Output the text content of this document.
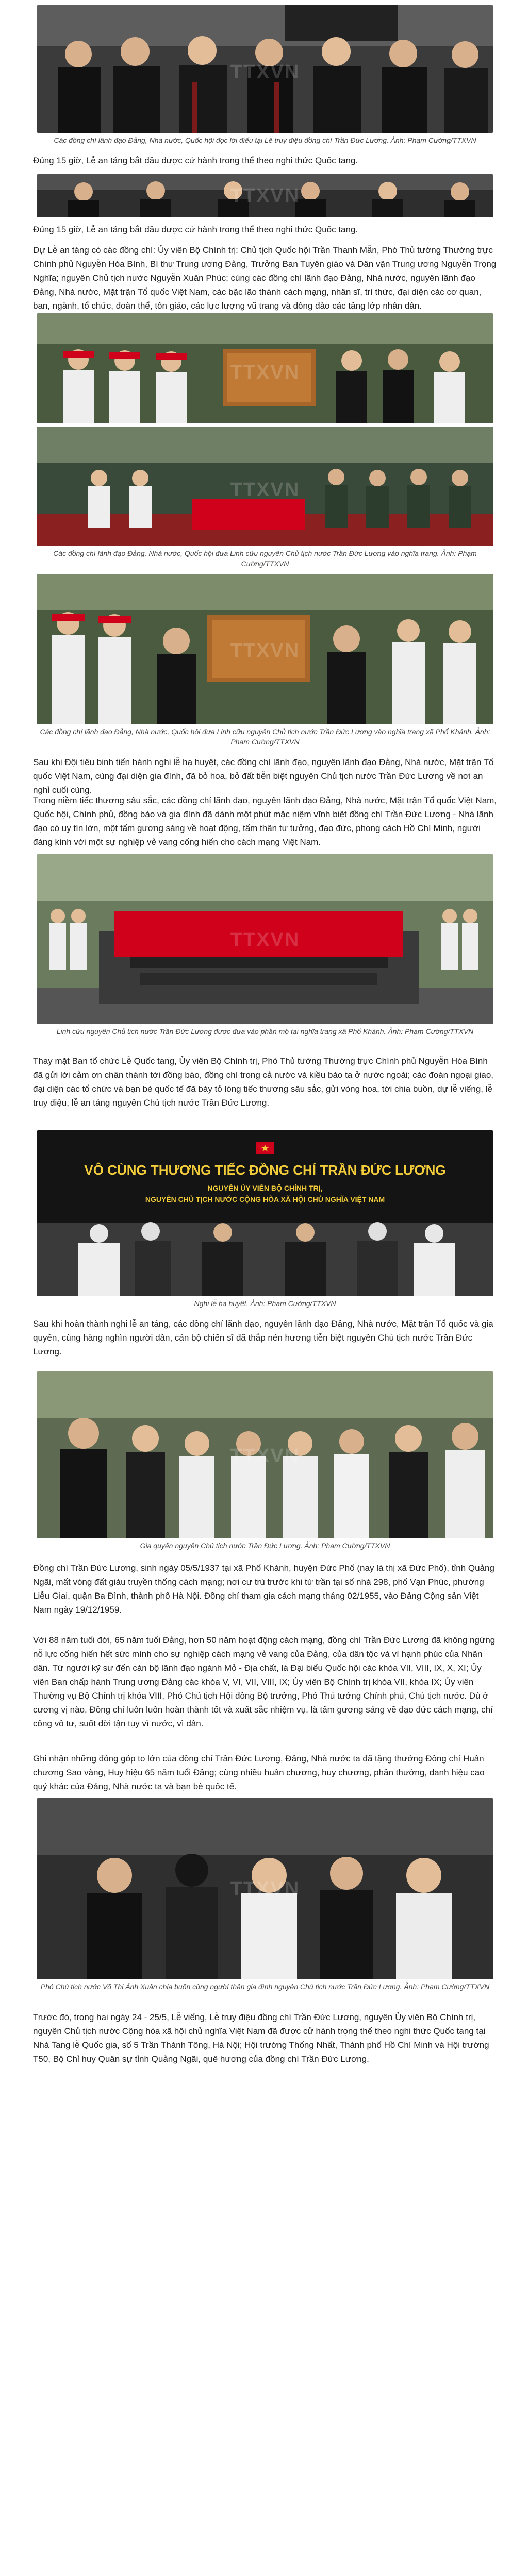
TTXVN
Các đồng chí lãnh đạo Đảng, Nhà nước, Quốc hội đọc lời điếu tại Lễ truy điệu đồng chí Trần Đức Lương. Ảnh: Phạm Cường/TTXVN

Đúng 15 giờ, Lễ an táng bắt đầu được cử hành trong thể theo nghi thức Quốc tang.

TTXVN

Đúng 15 giờ, Lễ an táng bắt đầu được cử hành trong thể theo nghi thức Quốc tang.

Dự Lễ an táng có các đồng chí: Ủy viên Bộ Chính trị: Chủ tịch Quốc hội Trần Thanh Mẫn, Phó Thủ tướng Thường trực Chính phủ Nguyễn Hòa Bình, Bí thư Trung ương Đảng, Trưởng Ban Tuyên giáo và Dân vận Trung ương Nguyễn Trọng Nghĩa; nguyên Chủ tịch nước Nguyễn Xuân Phúc; cùng các đồng chí lãnh đạo Đảng, Nhà nước, nguyên lãnh đạo Đảng, Nhà nước, Mặt trận Tổ quốc Việt Nam, các bậc lão thành cách mạng, nhân sĩ, trí thức, đại diện các cơ quan, ban, ngành, tổ chức, đoàn thể, tôn giáo, các lực lượng vũ trang và đông đảo các tầng lớp nhân dân.

TTXVN
TTXVN
Các đồng chí lãnh đạo Đảng, Nhà nước, Quốc hội đưa Linh cữu nguyên Chủ tịch nước Trần Đức Lương vào nghĩa trang. Ảnh: Phạm Cường/TTXVN
TTXVN
Các đồng chí lãnh đạo Đảng, Nhà nước, Quốc hội đưa Linh cữu nguyên Chủ tịch nước Trần Đức Lương vào nghĩa trang xã Phổ Khánh. Ảnh: Phạm Cường/TTXVN

Sau khi Đội tiêu binh tiến hành nghi lễ hạ huyệt, các đồng chí lãnh đạo, nguyên lãnh đạo Đảng, Nhà nước, Mặt trận Tổ quốc Việt Nam, cùng đại diện gia đình, đã bỏ hoa, bỏ đất tiễn biệt nguyên Chủ tịch nước Trần Đức Lương về nơi an nghỉ cuối cùng.

Trong niềm tiếc thương sâu sắc, các đồng chí lãnh đạo, nguyên lãnh đạo Đảng, Nhà nước, Mặt trận Tổ quốc Việt Nam, Quốc hội, Chính phủ, đồng bào và gia đình đã dành một phút mặc niệm vĩnh biệt đồng chí Trần Đức Lương - Nhà lãnh đạo có uy tín lớn, một tấm gương sáng về hoạt động, tấm thân tư tưởng, đạo đức, phong cách Hồ Chí Minh, người đáng kính với một sự nghiệp vẻ vang cống hiến cho cách mạng Việt Nam.

TTXVN
Linh cữu nguyên Chủ tịch nước Trần Đức Lương được đưa vào phần mộ tại nghĩa trang xã Phổ Khánh. Ảnh: Phạm Cường/TTXVN

Thay mặt Ban tổ chức Lễ Quốc tang, Ủy viên Bộ Chính trị, Phó Thủ tướng Thường trực Chính phủ Nguyễn Hòa Bình đã gửi lời cảm ơn chân thành tới đồng bào, đồng chí trong cả nước và kiều bào ta ở nước ngoài; các đoàn ngoại giao, đại diện các tổ chức và bạn bè quốc tế đã bày tỏ lòng tiếc thương sâu sắc, gửi vòng hoa, tới chia buồn, dự lễ viếng, lễ truy điệu, lễ an táng nguyên Chủ tịch nước Trần Đức Lương.

VÔ CÙNG THƯƠNG TIẾC ĐỒNG CHÍ TRẦN ĐỨC LƯƠNG
NGUYÊN ỦY VIÊN BỘ CHÍNH TRỊ,
NGUYÊN CHỦ TỊCH NƯỚC CỘNG HÒA XÃ HỘI CHỦ NGHĨA VIỆT NAM
Nghi lễ hạ huyệt. Ảnh: Phạm Cường/TTXVN

Sau khi hoàn thành nghi lễ an táng, các đồng chí lãnh đạo, nguyên lãnh đạo Đảng, Nhà nước, Mặt trận Tổ quốc và gia quyến, cùng hàng nghìn người dân, cán bộ chiến sĩ đã thắp nén hương tiễn biệt nguyên Chủ tịch nước Trần Đức Lương.

TTXVN
Gia quyến nguyên Chủ tịch nước Trần Đức Lương. Ảnh: Phạm Cường/TTXVN

Đồng chí Trần Đức Lương, sinh ngày 05/5/1937 tại xã Phổ Khánh, huyện Đức Phổ (nay là thị xã Đức Phổ), tỉnh Quảng Ngãi, mất vòng đất giàu truyền thống cách mạng; nơi cư trú trước khi từ trần tại số nhà 298, phố Vạn Phúc, phường Liễu Giai, quận Ba Đình, thành phố Hà Nội. Đồng chí tham gia cách mạng tháng 02/1955, vào Đảng Cộng sản Việt Nam ngày 19/12/1959.

Với 88 năm tuổi đời, 65 năm tuổi Đảng, hơn 50 năm hoạt động cách mạng, đồng chí Trần Đức Lương đã không ngừng nỗ lực cống hiến hết sức mình cho sự nghiệp cách mạng vẻ vang của Đảng, của dân tộc và vì hạnh phúc của Nhân dân. Từ người kỹ sư đến cán bộ lãnh đạo ngành Mỏ - Địa chất, là Đại biểu Quốc hội các khóa VII, VIII, IX, X, XI; Ủy viên Ban chấp hành Trung ương Đảng các khóa V, VI, VII, VIII, IX; Ủy viên Bộ Chính trị khóa VII, khóa IX; Ủy viên Thường vụ Bộ Chính trị khóa VIII, Phó Chủ tịch Hội đồng Bộ trưởng, Phó Thủ tướng Chính phủ, Chủ tịch nước. Dù ở cương vị nào, Đồng chí luôn luôn hoàn thành tốt và xuất sắc nhiệm vụ, là tấm gương sáng về đạo đức cách mạng, chí công vô tư, suốt đời tận tụy vì nước, vì dân.

Ghi nhận những đóng góp to lớn của đồng chí Trần Đức Lương, Đảng, Nhà nước ta đã tặng thưởng Đồng chí Huân chương Sao vàng, Huy hiệu 65 năm tuổi Đảng; cùng nhiều huân chương, huy chương, phần thưởng, danh hiệu cao quý khác của Đảng, Nhà nước ta và bạn bè quốc tế.

TTXVN
Phó Chủ tịch nước Võ Thị Ánh Xuân chia buồn cùng người thân gia đình nguyên Chủ tịch nước Trần Đức Lương. Ảnh: Phạm Cường/TTXVN

Trước đó, trong hai ngày 24 - 25/5, Lễ viếng, Lễ truy điệu đồng chí Trần Đức Lương, nguyên Ủy viên Bộ Chính trị, nguyên Chủ tịch nước Cộng hòa xã hội chủ nghĩa Việt Nam đã được cử hành trọng thể theo nghi thức Quốc tang tại Nhà Tang lễ Quốc gia, số 5 Trần Thánh Tông, Hà Nội; Hội trường Thống Nhất, Thành phố Hồ Chí Minh và Hội trường T50, Bộ Chỉ huy Quân sự tỉnh Quảng Ngãi, quê hương của đồng chí Trần Đức Lương.
